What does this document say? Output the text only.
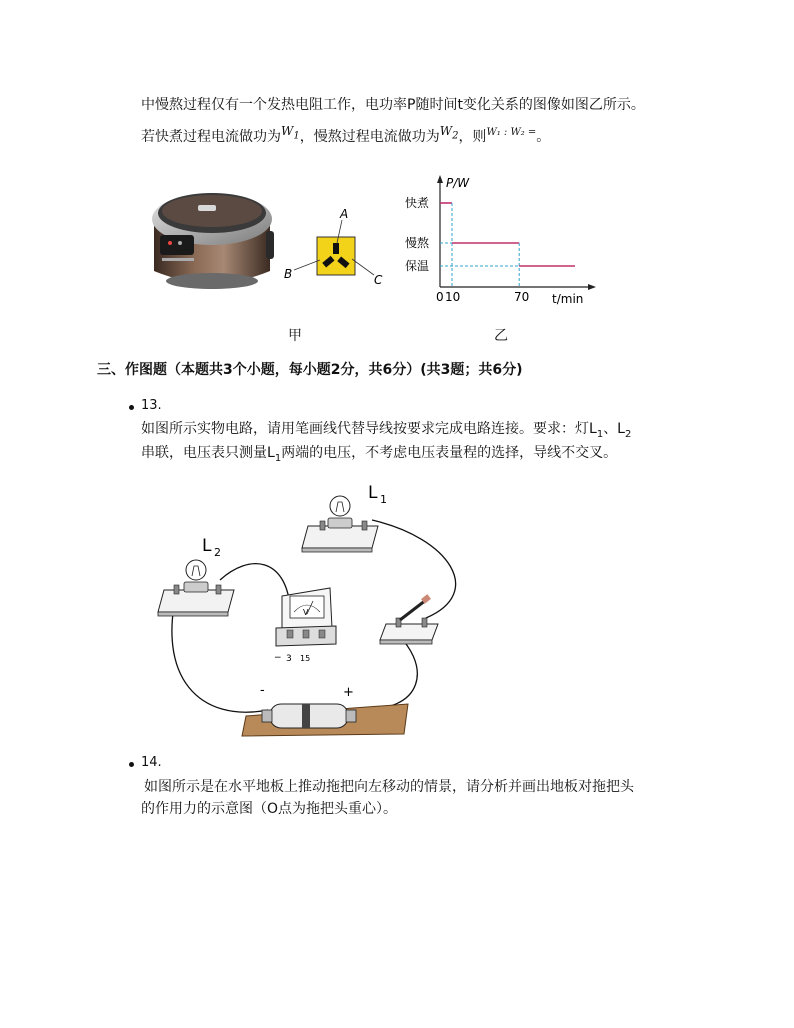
中慢熬过程仅有一个发热电阻工作，电功率P随时间t变化关系的图像如图乙所示。
若快煮过程电流做功为$W_1$，慢熬过程电流做功为$W_2$，则$^{W_1 : W_2 =}$。
A
B	C
P/W
t/min
快煮
慢熬
保温
0 10	70
甲	乙
三、作图题（本题共3个小题，每小题2分，共6分）(共3题；共6分)
13.
如图所示实物电路，请用笔画线代替导线按要求完成电路连接。要求：灯$L_1$、$L_2$
串联，电压表只测量$L_1$两端的电压，不考虑电压表量程的选择，导线不交叉。
L 1
L 2
V
− 3 15
-	+
14.
如图所示是在水平地板上推动拖把向左移动的情景，请分析并画出地板对拖把头
的作用力的示意图（O点为拖把头重心）。
